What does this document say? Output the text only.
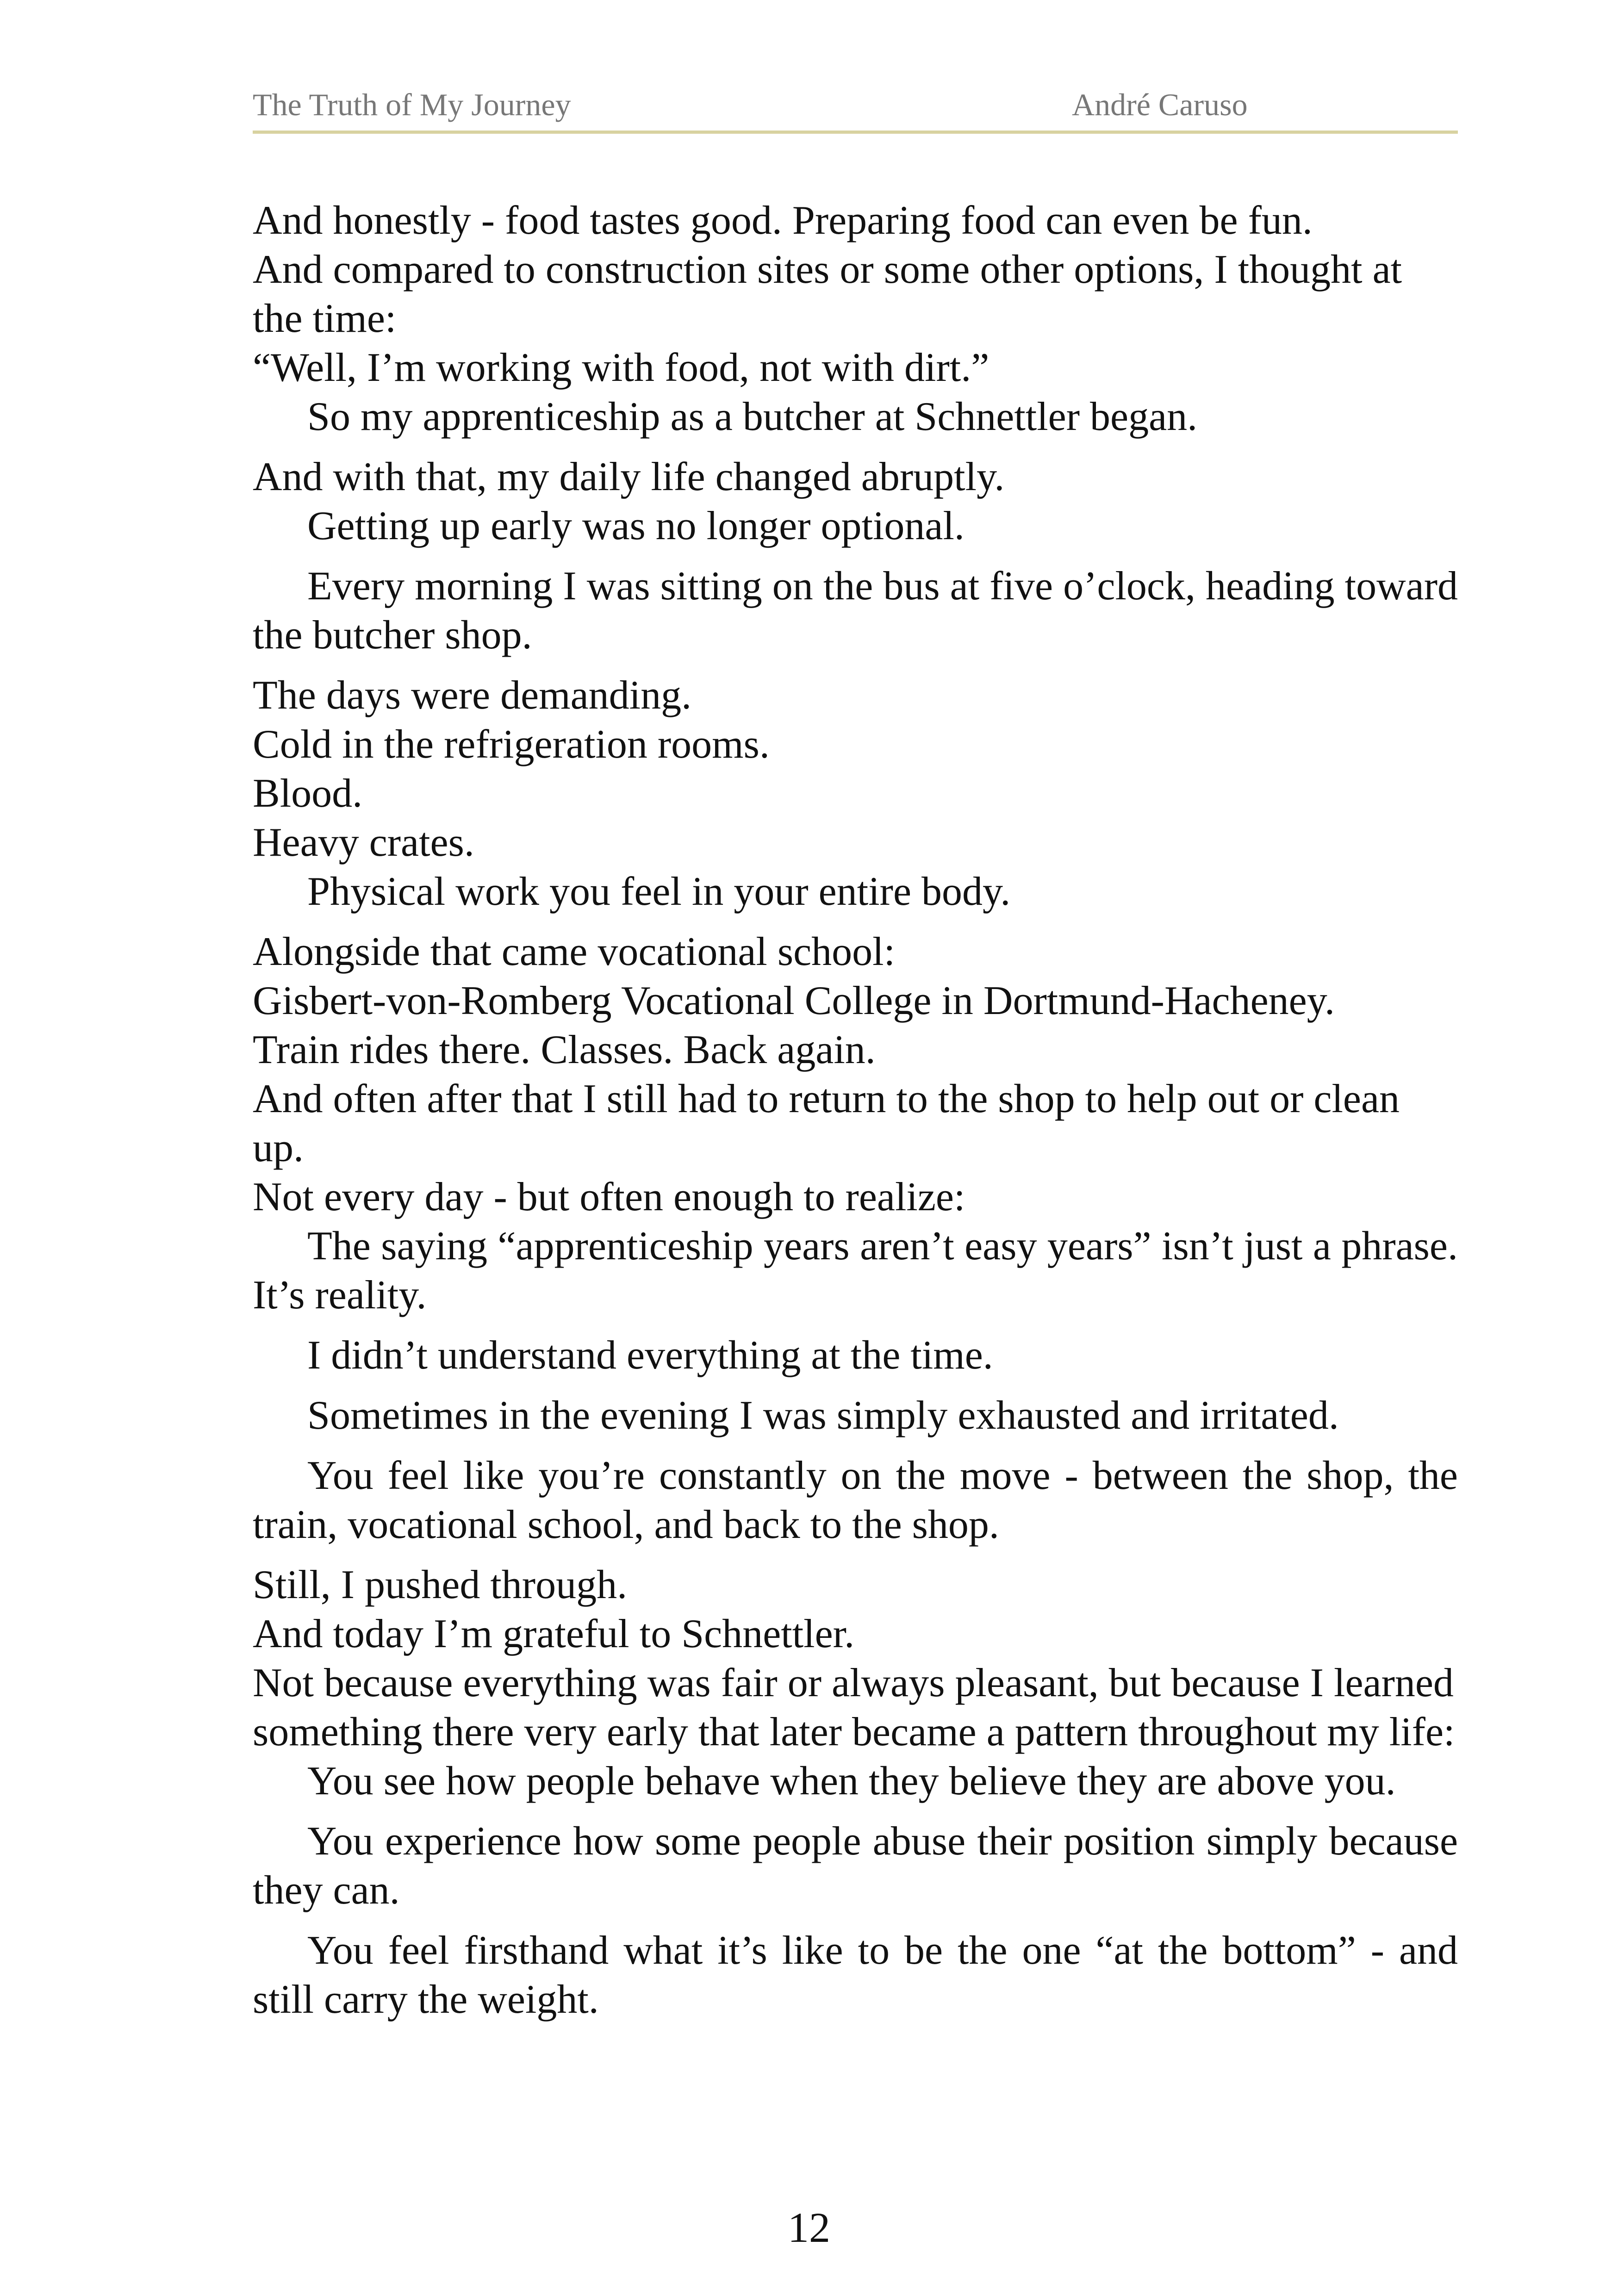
The Truth of My Journey	André Caruso

And honestly - food tastes good. Preparing food can even be fun.

And compared to construction sites or some other options, I thought at the time:

“Well, I’m working with food, not with dirt.”

So my apprenticeship as a butcher at Schnettler began.

And with that, my daily life changed abruptly.

Getting up early was no longer optional.

Every morning I was sitting on the bus at five o’clock, heading toward the butcher shop.

The days were demanding.

Cold in the refrigeration rooms.

Blood.

Heavy crates.

Physical work you feel in your entire body.

Alongside that came vocational school:

Gisbert-von-Romberg Vocational College in Dortmund-Hacheney.

Train rides there. Classes. Back again.

And often after that I still had to return to the shop to help out or clean up.

Not every day - but often enough to realize:

The saying “apprenticeship years aren’t easy years” isn’t just a phrase. It’s reality.

I didn’t understand everything at the time.

Sometimes in the evening I was simply exhausted and irritated.

You feel like you’re constantly on the move - between the shop, the train, vocational school, and back to the shop.

Still, I pushed through.

And today I’m grateful to Schnettler.

Not because everything was fair or always pleasant, but because I learned something there very early that later became a pattern throughout my life:

You see how people behave when they believe they are above you.

You experience how some people abuse their position simply because they can.

You feel firsthand what it’s like to be the one “at the bottom” - and still carry the weight.

12
